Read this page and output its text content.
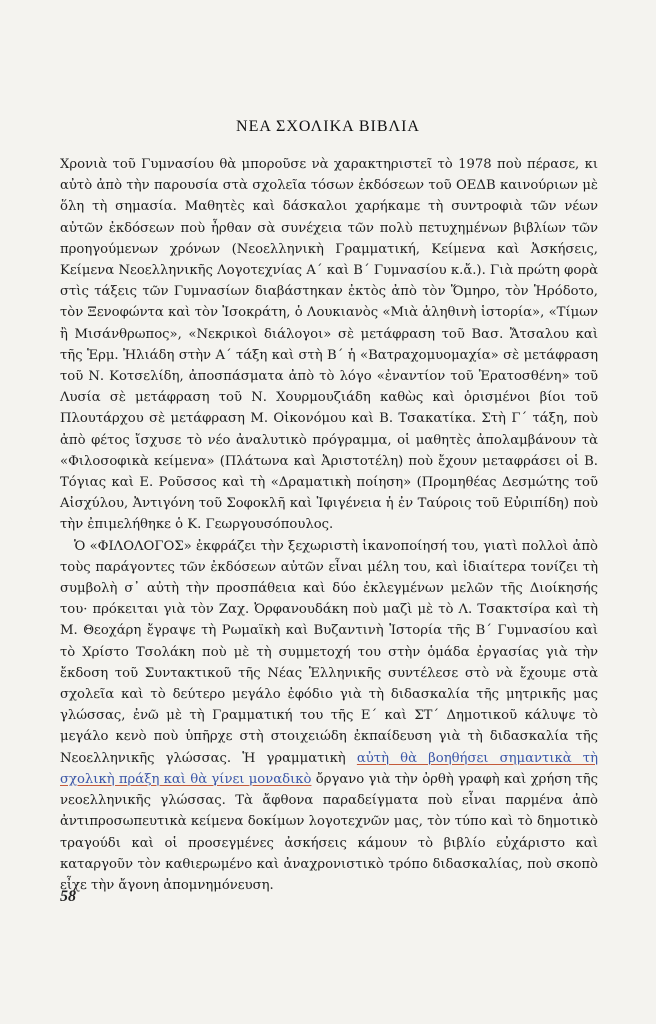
ΝΕΑ ΣΧΟΛΙΚΑ ΒΙΒΛΙΑ

Χρονιὰ τοῦ Γυμνασίου θὰ μποροῦσε νὰ χαρακτηριστεῖ τὸ 1978 ποὺ πέρασε, κι αὐτὸ ἀπὸ τὴν παρουσία στὰ σχολεῖα τόσων ἐκδόσεων τοῦ ΟΕΔΒ καινούριων μὲ ὅλη τὴ σημασία. Μαθητὲς καὶ δάσκαλοι χαρήκαμε τὴ συντροφιὰ τῶν νέων αὐτῶν ἐκδόσεων ποὺ ἦρθαν σὰ συνέχεια τῶν πολὺ πετυχημένων βιβλίων τῶν προηγούμενων χρόνων (Νεοελληνικὴ Γραμματική, Κείμενα καὶ Ἀσκήσεις, Κείμενα Νεοελληνικῆς Λογοτεχνίας Α΄ καὶ Β΄ Γυμνασίου κ.ἄ.). Γιὰ πρώτη φορὰ στὶς τάξεις τῶν Γυμνασίων διαβάστηκαν ἐκτὸς ἀπὸ τὸν Ὅμηρο, τὸν Ἡρόδοτο, τὸν Ξενοφώντα καὶ τὸν Ἰσοκράτη, ὁ Λουκιανὸς «Μιὰ ἀληθινὴ ἱστορία», «Τίμων ἢ Μισάνθρωπος», «Νεκρικοὶ διάλογοι» σὲ μετάφραση τοῦ Βασ. Ἄτσαλου καὶ τῆς Ἑρμ. Ἠλιάδη στὴν Α΄ τάξη καὶ στὴ Β΄ ἡ «Βατραχομυομαχία» σὲ μετάφραση τοῦ Ν. Κοτσελίδη, ἀποσπάσματα ἀπὸ τὸ λόγο «ἐναντίον τοῦ Ἐρατοσθένη» τοῦ Λυσία σὲ μετάφραση τοῦ Ν. Χουρμουζιάδη καθὼς καὶ ὁρισμένοι βίοι τοῦ Πλουτάρχου σὲ μετάφραση Μ. Οἰκονόμου καὶ Β. Τσακατίκα. Στὴ Γ΄ τάξη, ποὺ ἀπὸ φέτος ἴσχυσε τὸ νέο ἀναλυτικὸ πρόγραμμα, οἱ μαθητὲς ἀπολαμβάνουν τὰ «Φιλοσοφικὰ κείμενα» (Πλάτωνα καὶ Ἀριστοτέλη) ποὺ ἔχουν μεταφράσει οἱ Β. Τόγιας καὶ Ε. Ροῦσσος καὶ τὴ «Δραματικὴ ποίηση» (Προμηθέας Δεσμώτης τοῦ Αἰσχύλου, Ἀντιγόνη τοῦ Σοφοκλῆ καὶ Ἰφιγένεια ἡ ἐν Ταύροις τοῦ Εὐριπίδη) ποὺ τὴν ἐπιμελήθηκε ὁ Κ. Γεωργουσόπουλος.

Ὁ «ΦΙΛΟΛΟΓΟΣ» ἐκφράζει τὴν ξεχωριστὴ ἱκανοποίησή του, γιατὶ πολλοὶ ἀπὸ τοὺς παράγοντες τῶν ἐκδόσεων αὐτῶν εἶναι μέλη του, καὶ ἰδιαίτερα τονίζει τὴ συμβολὴ σ᾽ αὐτὴ τὴν προσπάθεια καὶ δύο ἐκλεγμένων μελῶν τῆς Διοίκησής του· πρόκειται γιὰ τὸν Ζαχ. Ὀρφανουδάκη ποὺ μαζὶ μὲ τὸ Λ. Τσακτσίρα καὶ τὴ Μ. Θεοχάρη ἔγραψε τὴ Ρωμαϊκὴ καὶ Βυζαντινὴ Ἱστορία τῆς Β΄ Γυμνασίου καὶ τὸ Χρίστο Τσολάκη ποὺ μὲ τὴ συμμετοχή του στὴν ὁμάδα ἐργασίας γιὰ τὴν ἔκδοση τοῦ Συντακτικοῦ τῆς Νέας Ἑλληνικῆς συντέλεσε στὸ νὰ ἔχουμε στὰ σχολεῖα καὶ τὸ δεύτερο μεγάλο ἐφόδιο γιὰ τὴ διδασκαλία τῆς μητρικῆς μας γλώσσας, ἐνῶ μὲ τὴ Γραμματική του τῆς Ε΄ καὶ ΣΤ΄ Δημοτικοῦ κάλυψε τὸ μεγάλο κενὸ ποὺ ὑπῆρχε στὴ στοιχειώδη ἐκπαίδευση γιὰ τὴ διδασκαλία τῆς Νεοελληνικῆς γλώσσας. Ἡ γραμματικὴ αὐτὴ θὰ βοηθήσει σημαντικὰ τὴ σχολικὴ πράξη καὶ θὰ γίνει μοναδικὸ ὄργανο γιὰ τὴν ὀρθὴ γραφὴ καὶ χρήση τῆς νεοελληνικῆς γλώσσας. Τὰ ἄφθονα παραδείγματα ποὺ εἶναι παρμένα ἀπὸ ἀντιπροσωπευτικὰ κείμενα δοκίμων λογοτεχνῶν μας, τὸν τύπο καὶ τὸ δημοτικὸ τραγούδι καὶ οἱ προσεγμένες ἀσκήσεις κάμουν τὸ βιβλίο εὐχάριστο καὶ καταργοῦν τὸν καθιερωμένο καὶ ἀναχρονιστικὸ τρόπο διδασκαλίας, ποὺ σκοπὸ εἶχε τὴν ἄγονη ἀπομνημόνευση.

58
